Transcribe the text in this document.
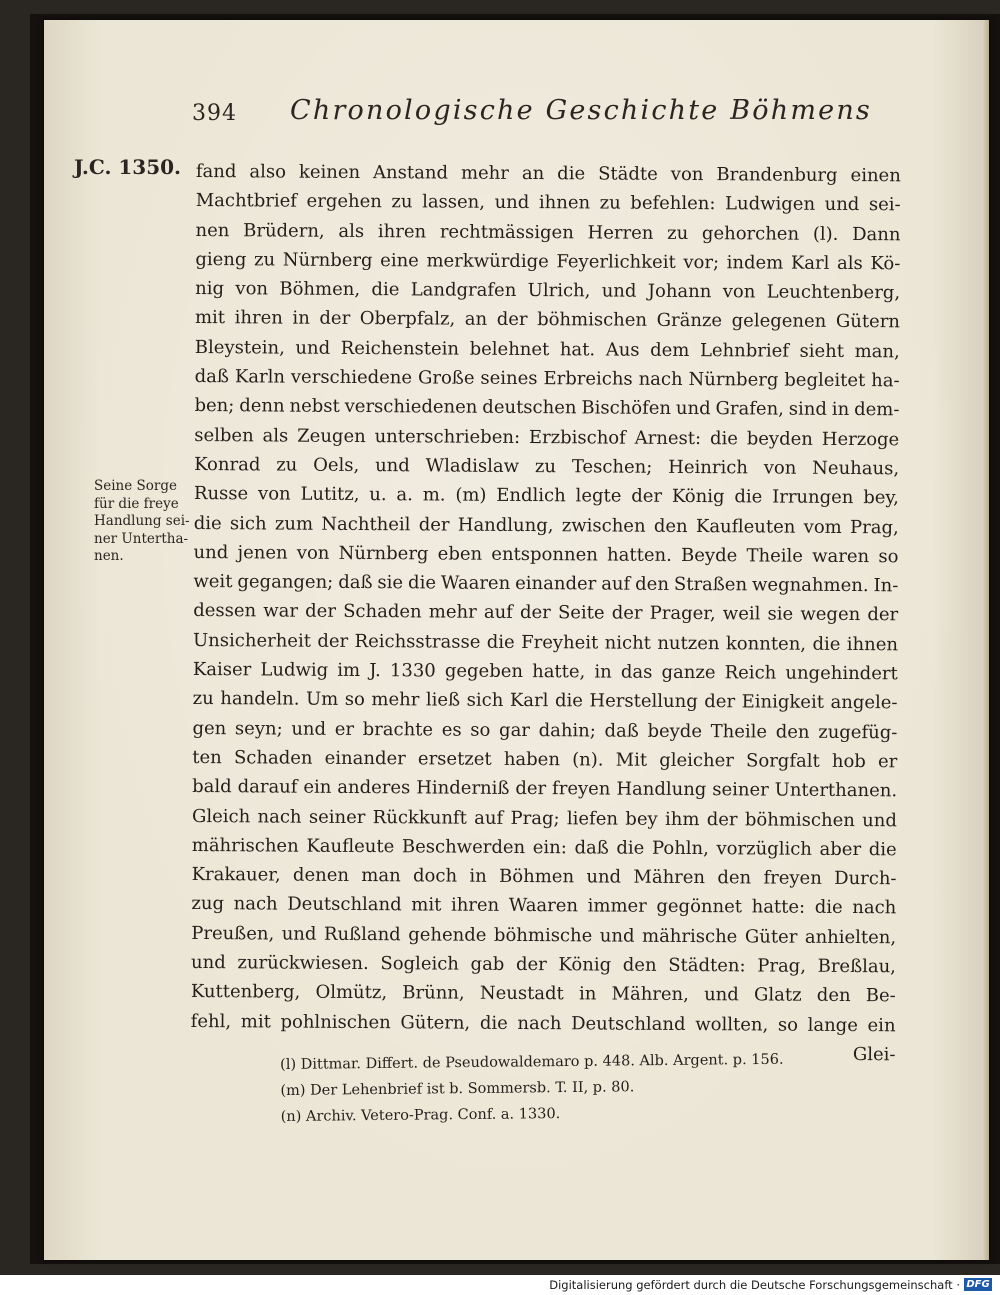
394 Chronologische Geschichte Böhmens
J.C. 1350.
Seine Sorge
für die freye
Handlung sei-
ner Untertha-
nen.
fand also keinen Anstand mehr an die Städte von Brandenburg einen
Machtbrief ergehen zu lassen, und ihnen zu befehlen: Ludwigen und sei-
nen Brüdern, als ihren rechtmässigen Herren zu gehorchen (l). Dann
gieng zu Nürnberg eine merkwürdige Feyerlichkeit vor; indem Karl als Kö-
nig von Böhmen, die Landgrafen Ulrich, und Johann von Leuchtenberg,
mit ihren in der Oberpfalz, an der böhmischen Gränze gelegenen Gütern
Bleystein, und Reichenstein belehnet hat. Aus dem Lehnbrief sieht man,
daß Karln verschiedene Große seines Erbreichs nach Nürnberg begleitet ha-
ben; denn nebst verschiedenen deutschen Bischöfen und Grafen, sind in dem-
selben als Zeugen unterschrieben: Erzbischof Arnest: die beyden Herzoge
Konrad zu Oels, und Wladislaw zu Teschen; Heinrich von Neuhaus,
Russe von Lutitz, u. a. m. (m) Endlich legte der König die Irrungen bey,
die sich zum Nachtheil der Handlung, zwischen den Kaufleuten vom Prag,
und jenen von Nürnberg eben entsponnen hatten. Beyde Theile waren so
weit gegangen; daß sie die Waaren einander auf den Straßen wegnahmen. In-
dessen war der Schaden mehr auf der Seite der Prager, weil sie wegen der
Unsicherheit der Reichsstrasse die Freyheit nicht nutzen konnten, die ihnen
Kaiser Ludwig im J. 1330 gegeben hatte, in das ganze Reich ungehindert
zu handeln. Um so mehr ließ sich Karl die Herstellung der Einigkeit angele-
gen seyn; und er brachte es so gar dahin; daß beyde Theile den zugefüg-
ten Schaden einander ersetzet haben (n). Mit gleicher Sorgfalt hob er
bald darauf ein anderes Hinderniß der freyen Handlung seiner Unterthanen.
Gleich nach seiner Rückkunft auf Prag; liefen bey ihm der böhmischen und
mährischen Kaufleute Beschwerden ein: daß die Pohln, vorzüglich aber die
Krakauer, denen man doch in Böhmen und Mähren den freyen Durch-
zug nach Deutschland mit ihren Waaren immer gegönnet hatte: die nach
Preußen, und Rußland gehende böhmische und mährische Güter anhielten,
und zurückwiesen. Sogleich gab der König den Städten: Prag, Breßlau,
Kuttenberg, Olmütz, Brünn, Neustadt in Mähren, und Glatz den Be-
fehl, mit pohlnischen Gütern, die nach Deutschland wollten, so lange ein
Glei-
(l) Dittmar. Differt. de Pseudowaldemaro p. 448. Alb. Argent. p. 156.
(m) Der Lehenbrief ist b. Sommersb. T. II, p. 80.
(n) Archiv. Vetero-Prag. Conf. a. 1330.
Digitalisierung gefördert durch die Deutsche Forschungsgemeinschaft · DFG
